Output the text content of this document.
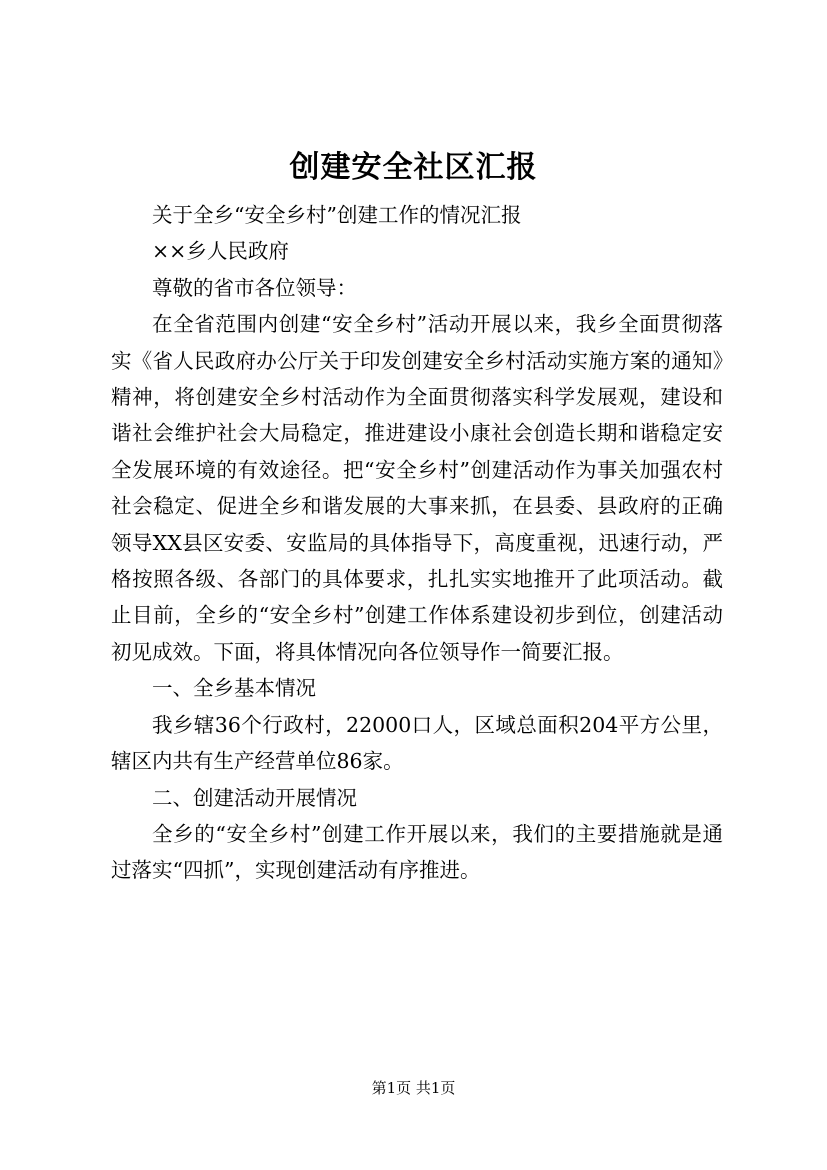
创建安全社区汇报

关于全乡“安全乡村”创建工作的情况汇报

××乡人民政府

尊敬的省市各位领导：

在全省范围内创建“安全乡村”活动开展以来，我乡全面贯彻落实《省人民政府办公厅关于印发创建安全乡村活动实施方案的通知》精神，将创建安全乡村活动作为全面贯彻落实科学发展观，建设和谐社会维护社会大局稳定，推进建设小康社会创造长期和谐稳定安全发展环境的有效途径。把“安全乡村”创建活动作为事关加强农村社会稳定、促进全乡和谐发展的大事来抓，在县委、县政府的正确领导XX县区安委、安监局的具体指导下，高度重视，迅速行动，严格按照各级、各部门的具体要求，扎扎实实地推开了此项活动。截止目前，全乡的“安全乡村”创建工作体系建设初步到位，创建活动初见成效。下面，将具体情况向各位领导作一简要汇报。

一、全乡基本情况

我乡辖36个行政村，22000口人，区域总面积204平方公里，辖区内共有生产经营单位86家。

二、创建活动开展情况

全乡的“安全乡村”创建工作开展以来，我们的主要措施就是通过落实“四抓”，实现创建活动有序推进。

第1页 共1页
